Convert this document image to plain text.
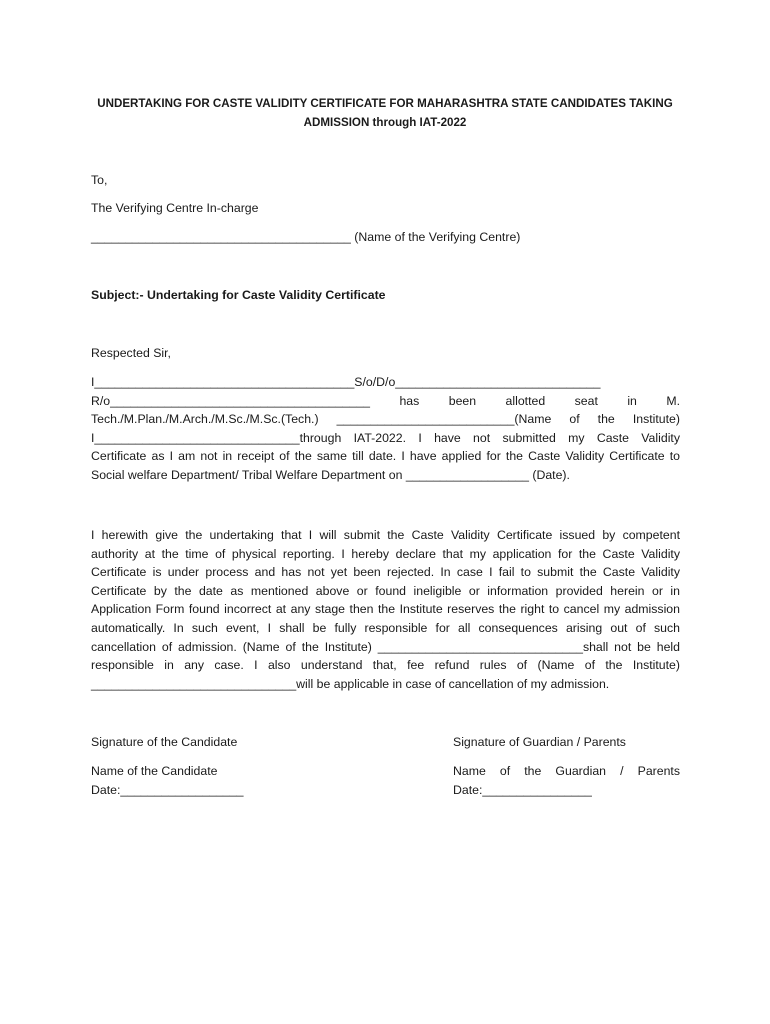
UNDERTAKING FOR CASTE VALIDITY CERTIFICATE FOR MAHARASHTRA STATE CANDIDATES TAKING
ADMISSION through IAT-2022
To,
The Verifying Centre In-charge
______________________________________ (Name of the Verifying Centre)
Subject:- Undertaking for Caste Validity Certificate
Respected Sir,
I______________________________________S/o/D/o______________________________
R/o______________________________________ has been allotted seat in M.
Tech./M.Plan./M.Arch./M.Sc./M.Sc.(Tech.) __________________________(Name of the Institute)
I______________________________through IAT-2022. I have not submitted my Caste Validity
Certificate as I am not in receipt of the same till date. I have applied for the Caste Validity Certificate to
Social welfare Department/ Tribal Welfare Department on __________________ (Date).
I herewith give the undertaking that I will submit the Caste Validity Certificate issued by competent
authority at the time of physical reporting. I hereby declare that my application for the Caste Validity
Certificate is under process and has not yet been rejected. In case I fail to submit the Caste Validity
Certificate by the date as mentioned above or found ineligible or information provided herein or in
Application Form found incorrect at any stage then the Institute reserves the right to cancel my admission
automatically. In such event, I shall be fully responsible for all consequences arising out of such
cancellation of admission. (Name of the Institute) ______________________________shall not be held
responsible in any case. I also understand that, fee refund rules of (Name of the Institute)
______________________________will be applicable in case of cancellation of my admission.
Signature of the Candidate
Name of the Candidate
Date:__________________
Signature of Guardian / Parents
Name of the Guardian / Parents
Date:________________
